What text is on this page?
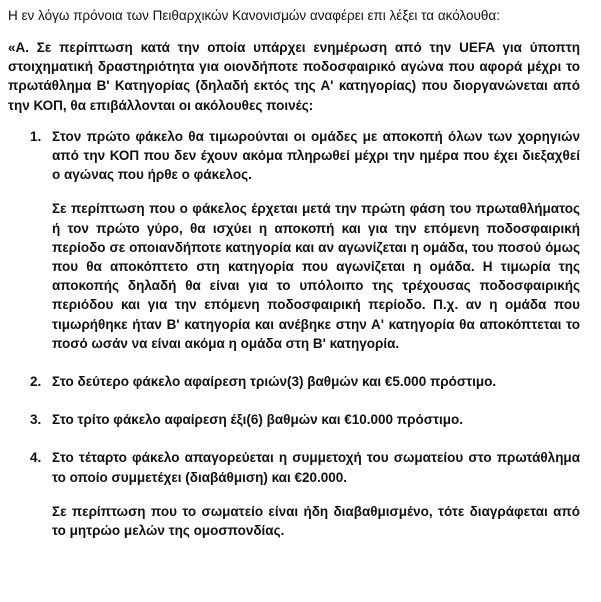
Η εν λόγω πρόνοια των Πειθαρχικών Κανονισμών αναφέρει επι λέξει τα ακόλουθα:

«Α. Σε περίπτωση κατά την οποία υπάρχει ενημέρωση από την UEFA για ύποπτη στοιχηματική δραστηριότητα για οιονδήποτε ποδοσφαιρικό αγώνα που αφορά μέχρι το πρωτάθλημα Β' Κατηγορίας (δηλαδή εκτός της Α' κατηγορίας) που διοργανώνεται από την ΚΟΠ, θα επιβάλλονται οι ακόλουθες ποινές:

1. Στον πρώτο φάκελο θα τιμωρούνται οι ομάδες με αποκοπή όλων των χορηγιών από την ΚΟΠ που δεν έχουν ακόμα πληρωθεί μέχρι την ημέρα που έχει διεξαχθεί ο αγώνας που ήρθε ο φάκελος.

Σε περίπτωση που ο φάκελος έρχεται μετά την πρώτη φάση του πρωταθλήματος ή τον πρώτο γύρο, θα ισχύει η αποκοπή και για την επόμενη ποδοσφαιρική περίοδο σε οποιανδήποτε κατηγορία και αν αγωνίζεται η ομάδα, του ποσού όμως που θα αποκόπτετο στη κατηγορία που αγωνίζεται η ομάδα. Η τιμωρία της αποκοπής δηλαδή θα είναι για το υπόλοιπο της τρέχουσας ποδοσφαιρικής περιόδου και για την επόμενη ποδοσφαιρική περίοδο. Π.χ. αν η ομάδα που τιμωρήθηκε ήταν Β' κατηγορία και ανέβηκε στην Α' κατηγορία θα αποκόπτεται το ποσό ωσάν να είναι ακόμα η ομάδα στη Β' κατηγορία.

2. Στο δεύτερο φάκελο αφαίρεση τριών(3) βαθμών και €5.000 πρόστιμο.

3. Στο τρίτο φάκελο αφαίρεση έξι(6) βαθμών και €10.000 πρόστιμο.

4. Στο τέταρτο φάκελο απαγορεύεται η συμμετοχή του σωματείου στο πρωτάθλημα το οποίο συμμετέχει (διαβάθμιση) και €20.000.

Σε περίπτωση που το σωματείο είναι ήδη διαβαθμισμένο, τότε διαγράφεται από το μητρώο μελών της ομοσπονδίας.
